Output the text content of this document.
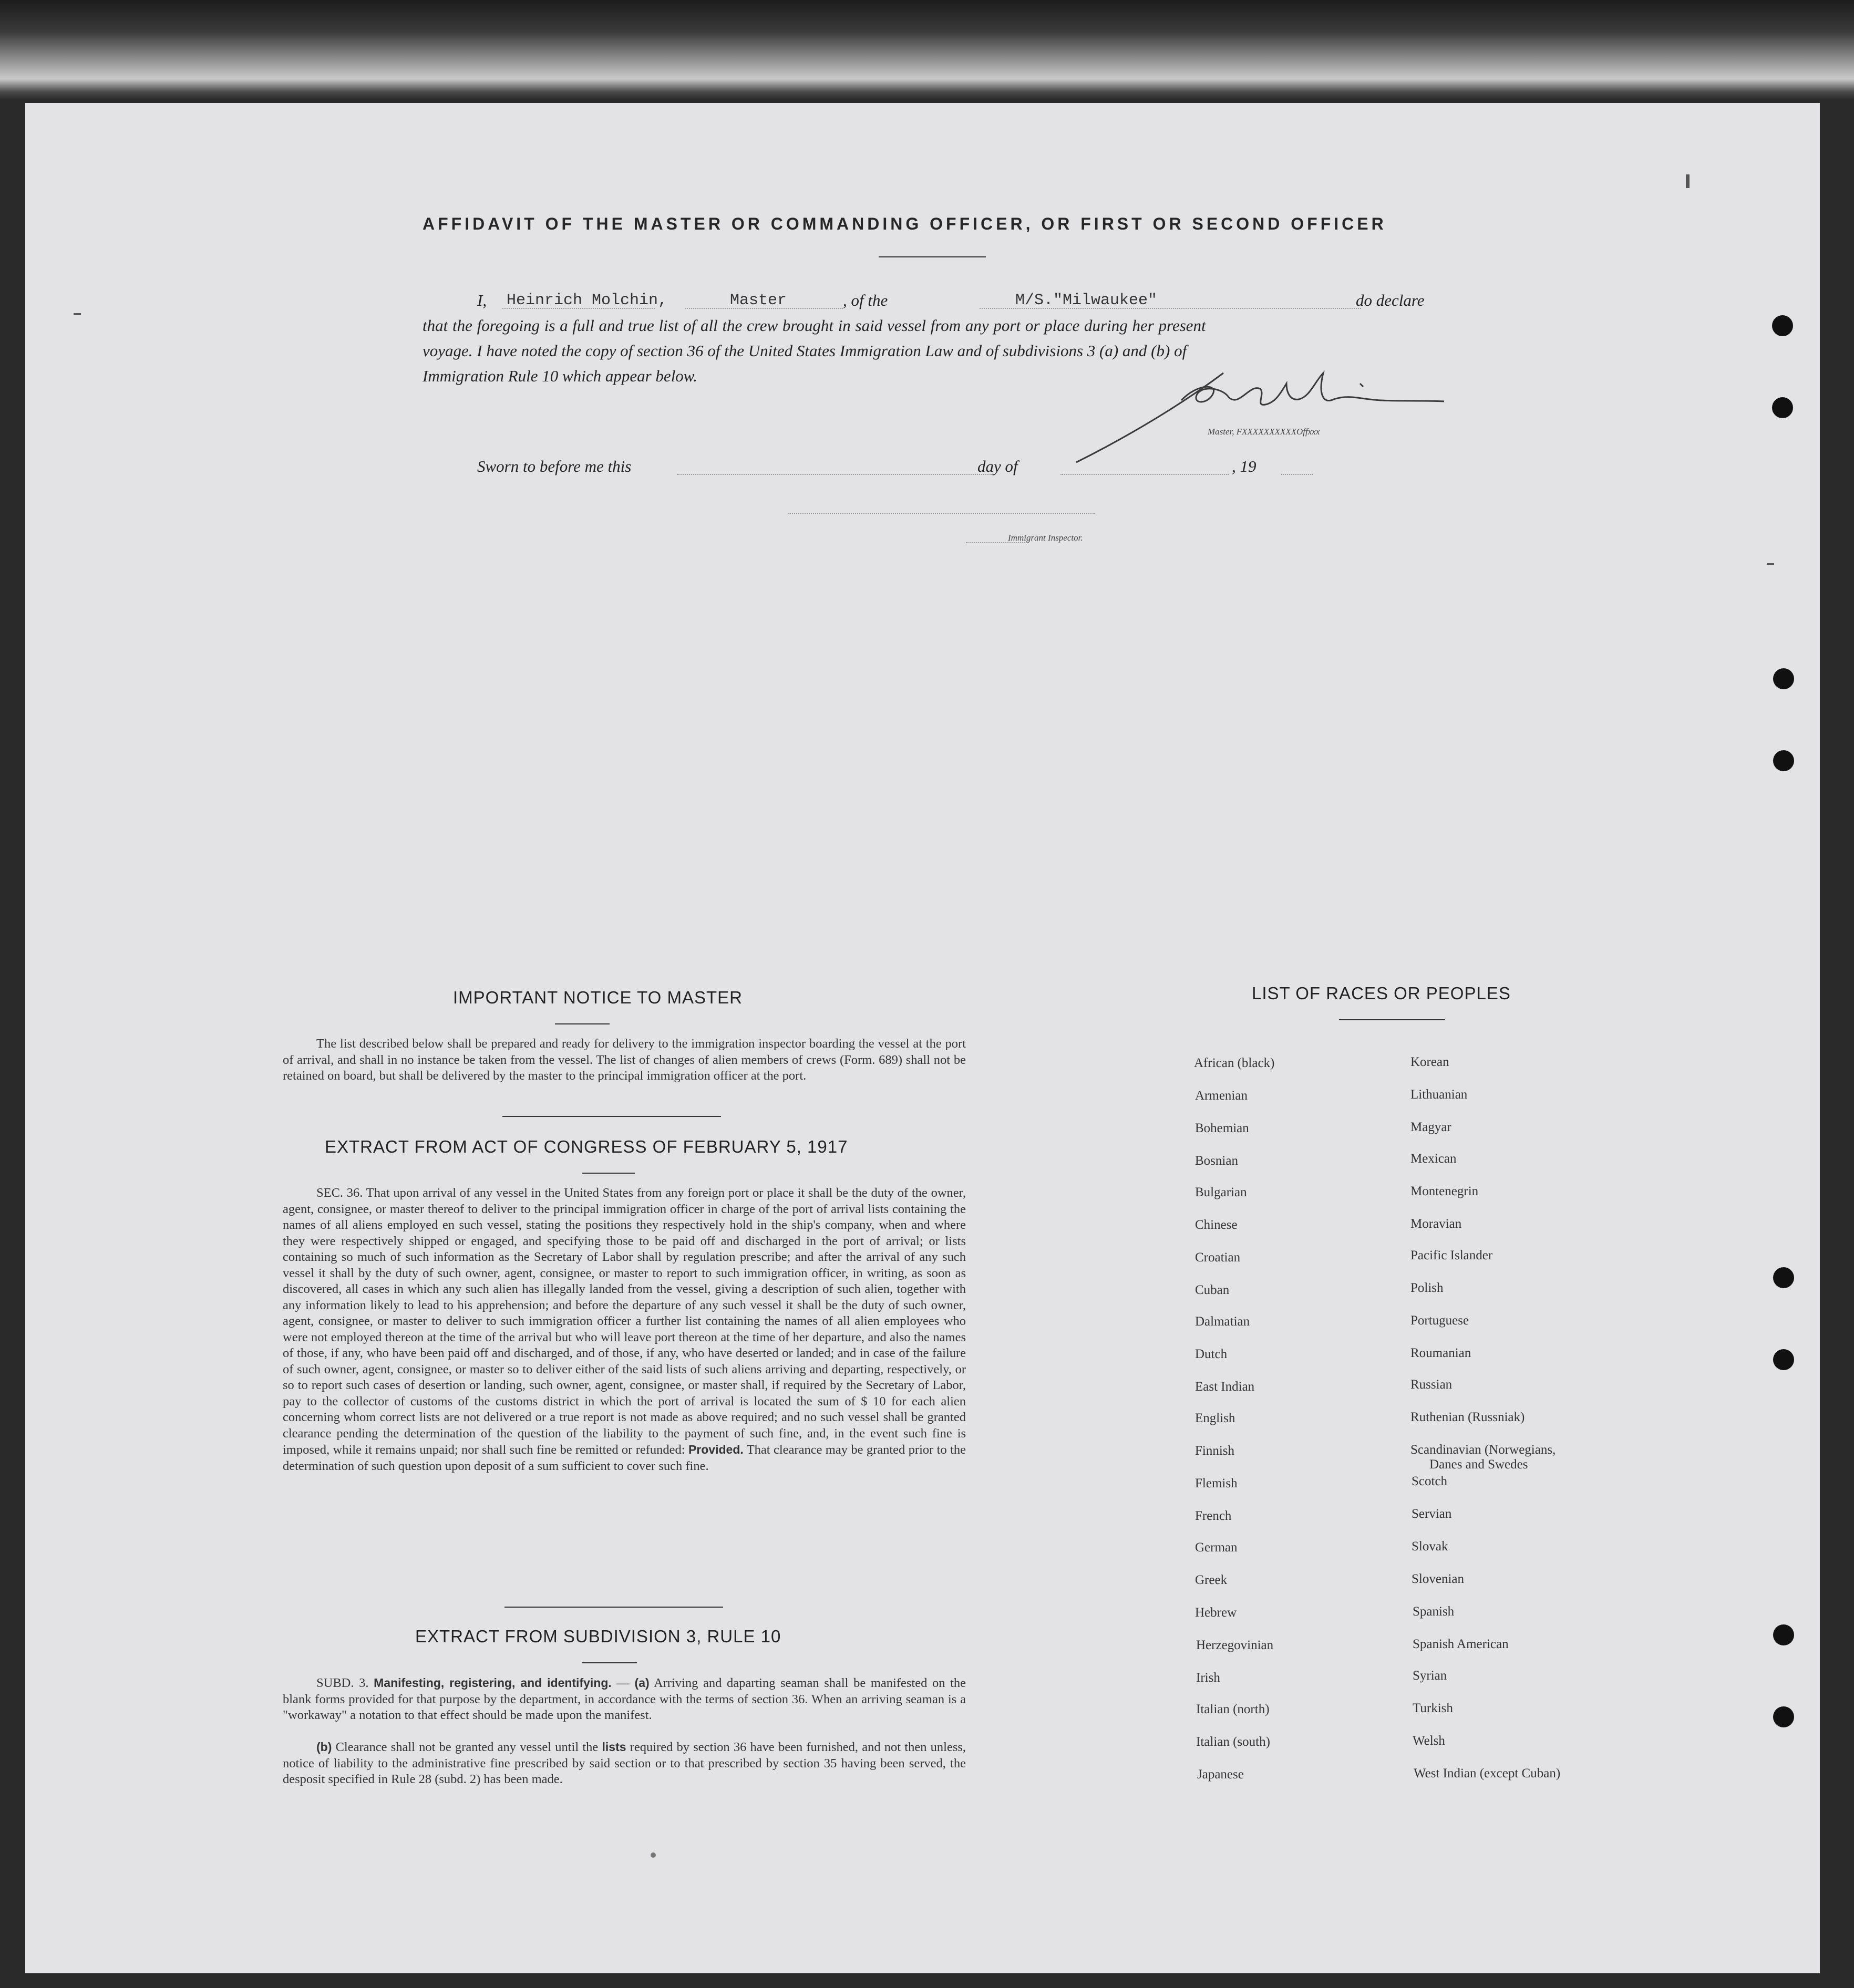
AFFIDAVIT OF THE MASTER OR COMMANDING OFFICER, OR FIRST OR SECOND OFFICER
I, Heinrich Molchin,	Master	, of the	M/S."Milwaukee"	do declare
that the foregoing is a full and true list of all the crew brought in said vessel from any port or place during her present
voyage. I have noted the copy of section 36 of the United States Immigration Law and of subdivisions 3 (a) and (b) of
Immigration Rule 10 which appear below.
Master, FXXXXXXXXXXOffxxx
Sworn to before me this	day of	, 19
Immigrant Inspector.
IMPORTANT NOTICE TO MASTER
The list described below shall be prepared and ready for delivery to the immigration inspector boarding the vessel at the port of arrival, and shall in no instance be taken from the vessel. The list of changes of alien members of crews (Form. 689) shall not be retained on board, but shall be delivered by the master to the principal immigration officer at the port.
EXTRACT FROM ACT OF CONGRESS OF FEBRUARY 5, 1917
SEC. 36. That upon arrival of any vessel in the United States from any foreign port or place it shall be the duty of the owner, agent, consignee, or master thereof to deliver to the principal immigration officer in charge of the port of arrival lists containing the names of all aliens employed en such vessel, stating the positions they respectively hold in the ship's company, when and where they were respectively shipped or engaged, and specifying those to be paid off and discharged in the port of arrival; or lists containing so much of such information as the Secretary of Labor shall by regulation prescribe; and after the arrival of any such vessel it shall by the duty of such owner, agent, consignee, or master to report to such immigration officer, in writing, as soon as discovered, all cases in which any such alien has illegally landed from the vessel, giving a description of such alien, together with any information likely to lead to his apprehension; and before the departure of any such vessel it shall be the duty of such owner, agent, consignee, or master to deliver to such immigration officer a further list containing the names of all alien employees who were not employed thereon at the time of the arrival but who will leave port thereon at the time of her departure, and also the names of those, if any, who have been paid off and discharged, and of those, if any, who have deserted or landed; and in case of the failure of such owner, agent, consignee, or master so to deliver either of the said lists of such aliens arriving and departing, respectively, or so to report such cases of desertion or landing, such owner, agent, consignee, or master shall, if required by the Secretary of Labor, pay to the collector of customs of the customs district in which the port of arrival is located the sum of $ 10 for each alien concerning whom correct lists are not delivered or a true report is not made as above required; and no such vessel shall be granted clearance pending the determination of the question of the liability to the payment of such fine, and, in the event such fine is imposed, while it remains unpaid; nor shall such fine be remitted or refunded: Provided. That clearance may be granted prior to the determination of such question upon deposit of a sum sufficient to cover such fine.
EXTRACT FROM SUBDIVISION 3, RULE 10
SUBD. 3. Manifesting, registering, and identifying. — (a) Arriving and daparting seaman shall be manifested on the blank forms provided for that purpose by the department, in accordance with the terms of section 36. When an arriving seaman is a "workaway" a notation to that effect should be made upon the manifest.
(b) Clearance shall not be granted any vessel until the lists required by section 36 have been furnished, and not then unless, notice of liability to the administrative fine prescribed by said section or to that prescribed by section 35 having been served, the desposit specified in Rule 28 (subd. 2) has been made.
LIST OF RACES OR PEOPLES
African (black)
Armenian
Bohemian
Bosnian
Bulgarian
Chinese
Croatian
Cuban
Dalmatian
Dutch
East Indian
English
Finnish
Flemish
French
German
Greek
Hebrew
Herzegovinian
Irish
Italian (north)
Italian (south)
Japanese
Korean
Lithuanian
Magyar
Mexican
Montenegrin
Moravian
Pacific Islander
Polish
Portuguese
Roumanian
Russian
Ruthenian (Russniak)
Scandinavian (Norwegians,
Danes and Swedes
Scotch
Servian
Slovak
Slovenian
Spanish
Spanish American
Syrian
Turkish
Welsh
West Indian (except Cuban)
